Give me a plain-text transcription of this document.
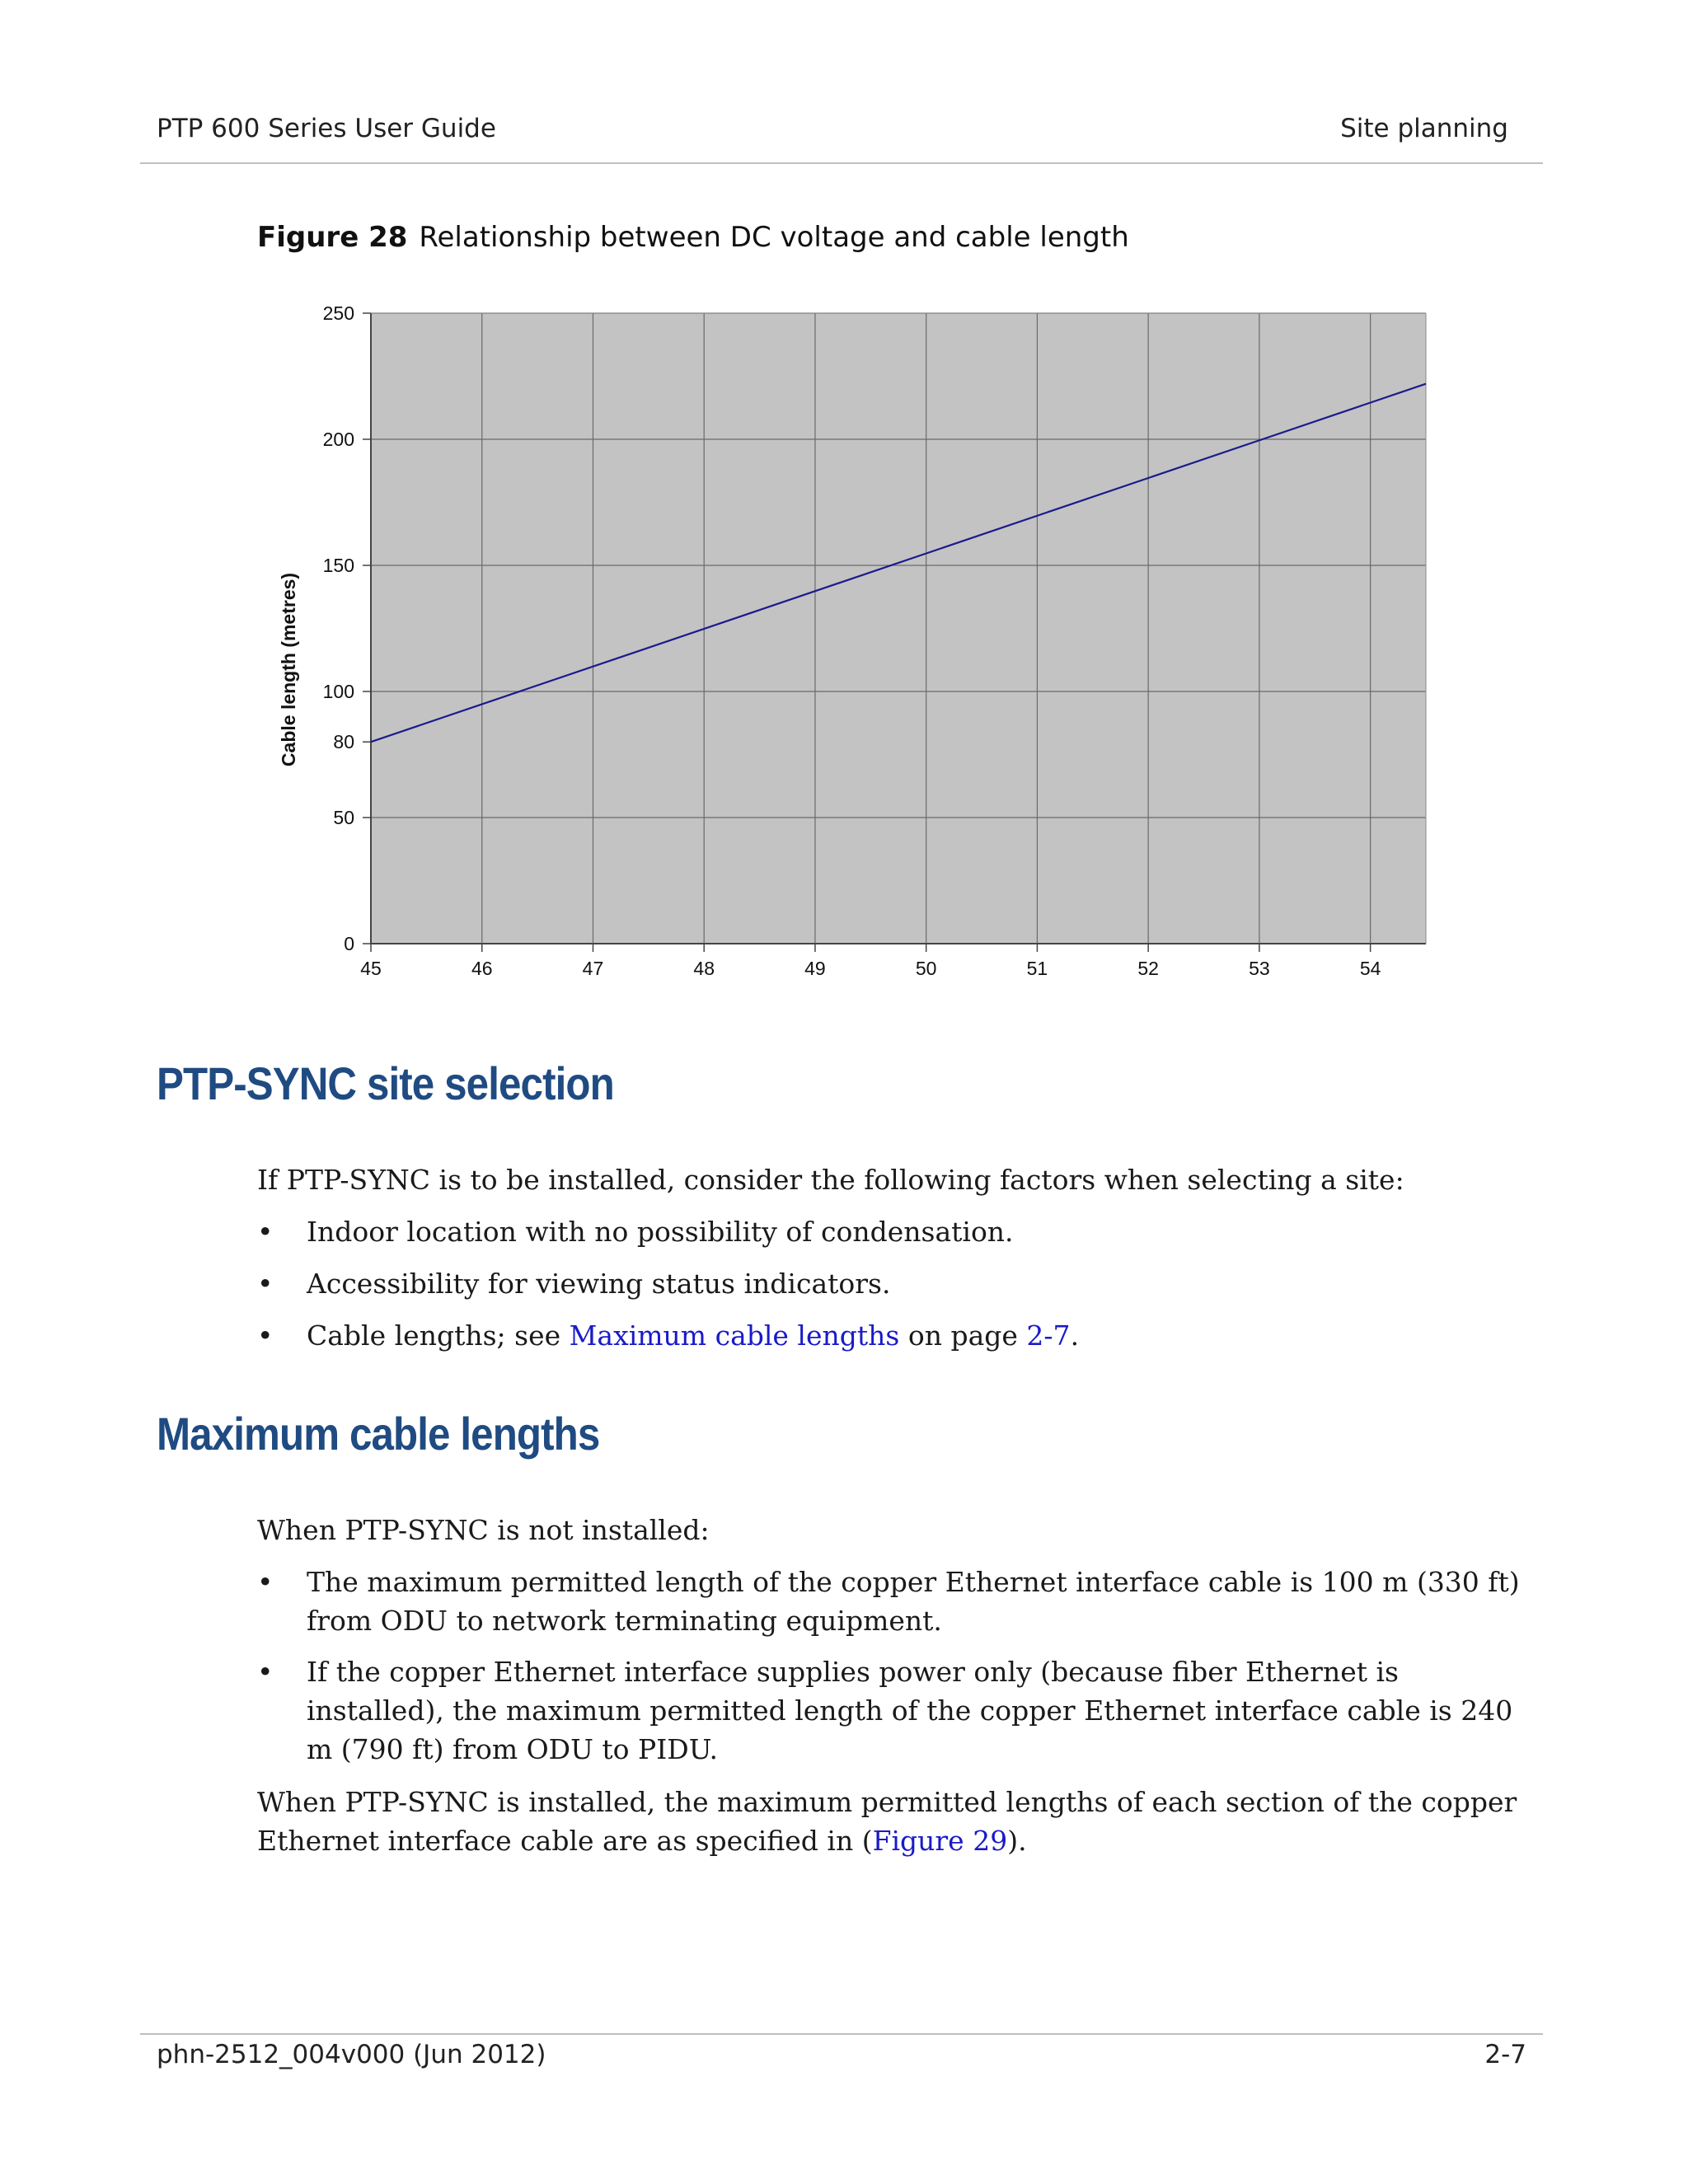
PTP 600 Series User Guide	Site planning
Figure 28 Relationship between DC voltage and cable length
45	46	47	48	49	50	51	52	53	54
0
50
80
100
150
200
250
Cable length (metres)
PTP-SYNC site selection
If PTP-SYNC is to be installed, consider the following factors when selecting a site:
• Indoor location with no possibility of condensation.
• Accessibility for viewing status indicators.
• Cable lengths; see Maximum cable lengths on page 2-7.
Maximum cable lengths
When PTP-SYNC is not installed:
• The maximum permitted length of the copper Ethernet interface cable is 100 m (330 ft) from ODU to network terminating equipment.
• If the copper Ethernet interface supplies power only (because fiber Ethernet is installed), the maximum permitted length of the copper Ethernet interface cable is 240 m (790 ft) from ODU to PIDU.
When PTP-SYNC is installed, the maximum permitted lengths of each section of the copper Ethernet interface cable are as specified in (Figure 29).
phn-2512_004v000 (Jun 2012)	2-7
